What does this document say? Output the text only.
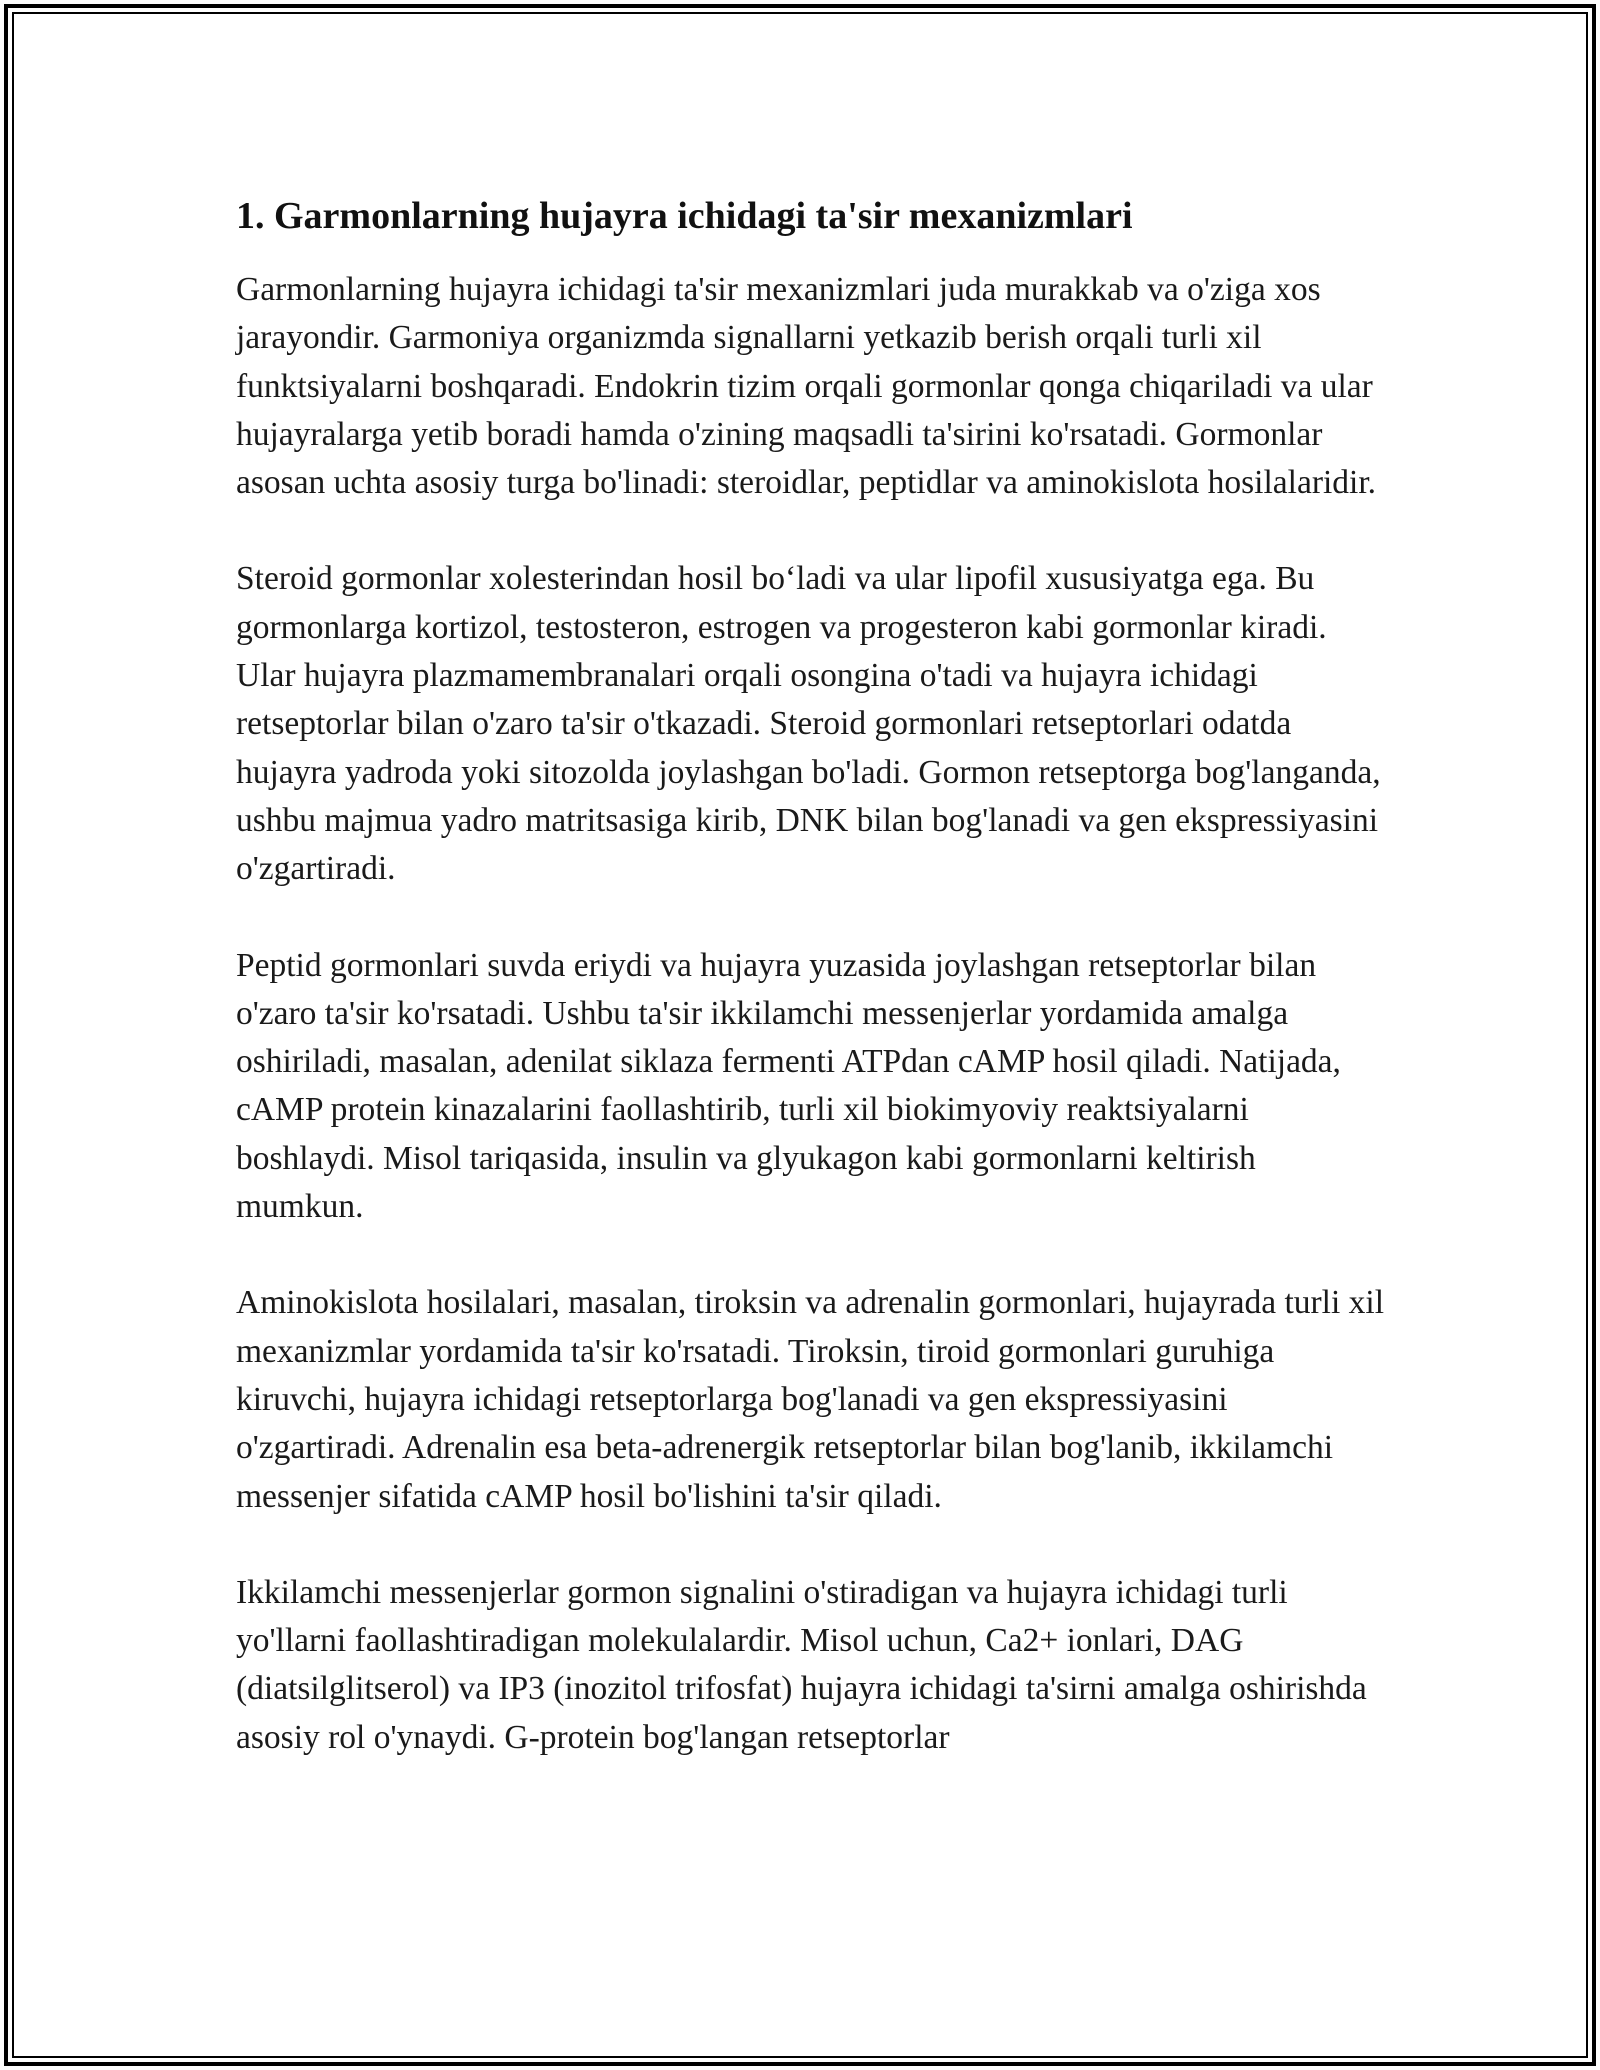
1. Garmonlarning hujayra ichidagi ta'sir mexanizmlari

Garmonlarning hujayra ichidagi ta'sir mexanizmlari juda murakkab va o'ziga xos jarayondir. Garmoniya organizmda signallarni yetkazib berish orqali turli xil funktsiyalarni boshqaradi. Endokrin tizim orqali gormonlar qonga chiqariladi va ular hujayralarga yetib boradi hamda o'zining maqsadli ta'sirini ko'rsatadi. Gormonlar asosan uchta asosiy turga bo'linadi: steroidlar, peptidlar va aminokislota hosilalaridir.

Steroid gormonlar xolesterindan hosil bo‘ladi va ular lipofil xususiyatga ega. Bu gormonlarga kortizol, testosteron, estrogen va progesteron kabi gormonlar kiradi. Ular hujayra plazmamembranalari orqali osongina o'tadi va hujayra ichidagi retseptorlar bilan o'zaro ta'sir o'tkazadi. Steroid gormonlari retseptorlari odatda hujayra yadroda yoki sitozolda joylashgan bo'ladi. Gormon retseptorga bog'langanda, ushbu majmua yadro matritsasiga kirib, DNK bilan bog'lanadi va gen ekspressiyasini o'zgartiradi.

Peptid gormonlari suvda eriydi va hujayra yuzasida joylashgan retseptorlar bilan o'zaro ta'sir ko'rsatadi. Ushbu ta'sir ikkilamchi messenjerlar yordamida amalga oshiriladi, masalan, adenilat siklaza fermenti ATPdan cAMP hosil qiladi. Natijada, cAMP protein kinazalarini faollashtirib, turli xil biokimyoviy reaktsiyalarni boshlaydi. Misol tariqasida, insulin va glyukagon kabi gormonlarni keltirish mumkun.

Aminokislota hosilalari, masalan, tiroksin va adrenalin gormonlari, hujayrada turli xil mexanizmlar yordamida ta'sir ko'rsatadi. Tiroksin, tiroid gormonlari guruhiga kiruvchi, hujayra ichidagi retseptorlarga bog'lanadi va gen ekspressiyasini o'zgartiradi. Adrenalin esa beta-adrenergik retseptorlar bilan bog'lanib, ikkilamchi messenjer sifatida cAMP hosil bo'lishini ta'sir qiladi.

Ikkilamchi messenjerlar gormon signalini o'stiradigan va hujayra ichidagi turli yo'llarni faollashtiradigan molekulalardir. Misol uchun, Ca2+ ionlari, DAG (diatsilglitserol) va IP3 (inozitol trifosfat) hujayra ichidagi ta'sirni amalga oshirishda asosiy rol o'ynaydi. G-protein bog'langan retseptorlar
